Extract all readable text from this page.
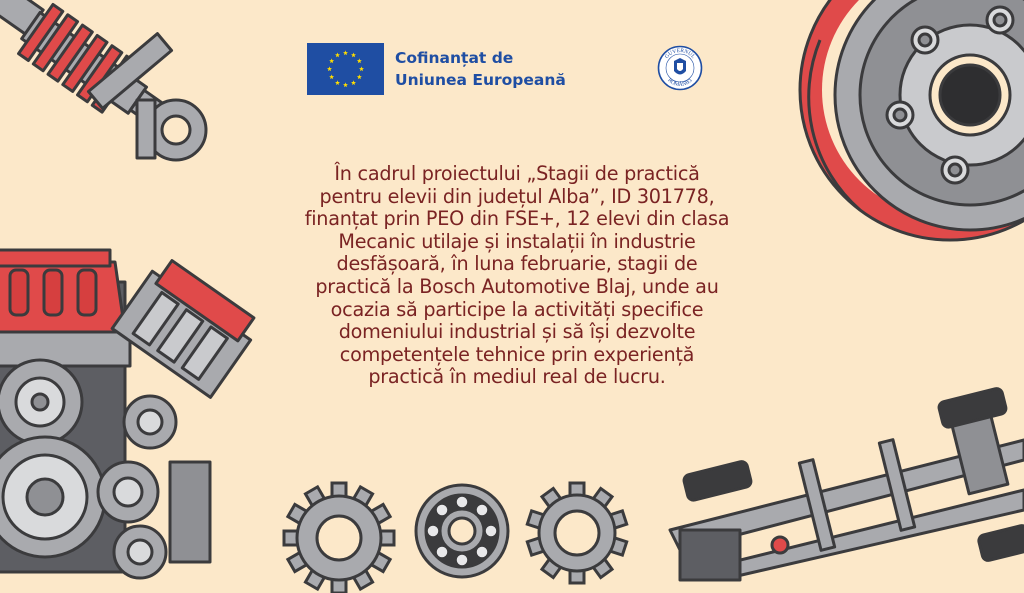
Cofinanțat de
Uniunea Europeană
GUVERNUL
ROMÂNIEI
În cadrul proiectului „Stagii de practică
pentru elevii din județul Alba”, ID 301778,
finanțat prin PEO din FSE+, 12 elevi din clasa
Mecanic utilaje și instalații în industrie
desfășoară, în luna februarie, stagii de
practică la Bosch Automotive Blaj, unde au
ocazia să participe la activități specifice
domeniului industrial și să își dezvolte
competențele tehnice prin experiență
practică în mediul real de lucru.
